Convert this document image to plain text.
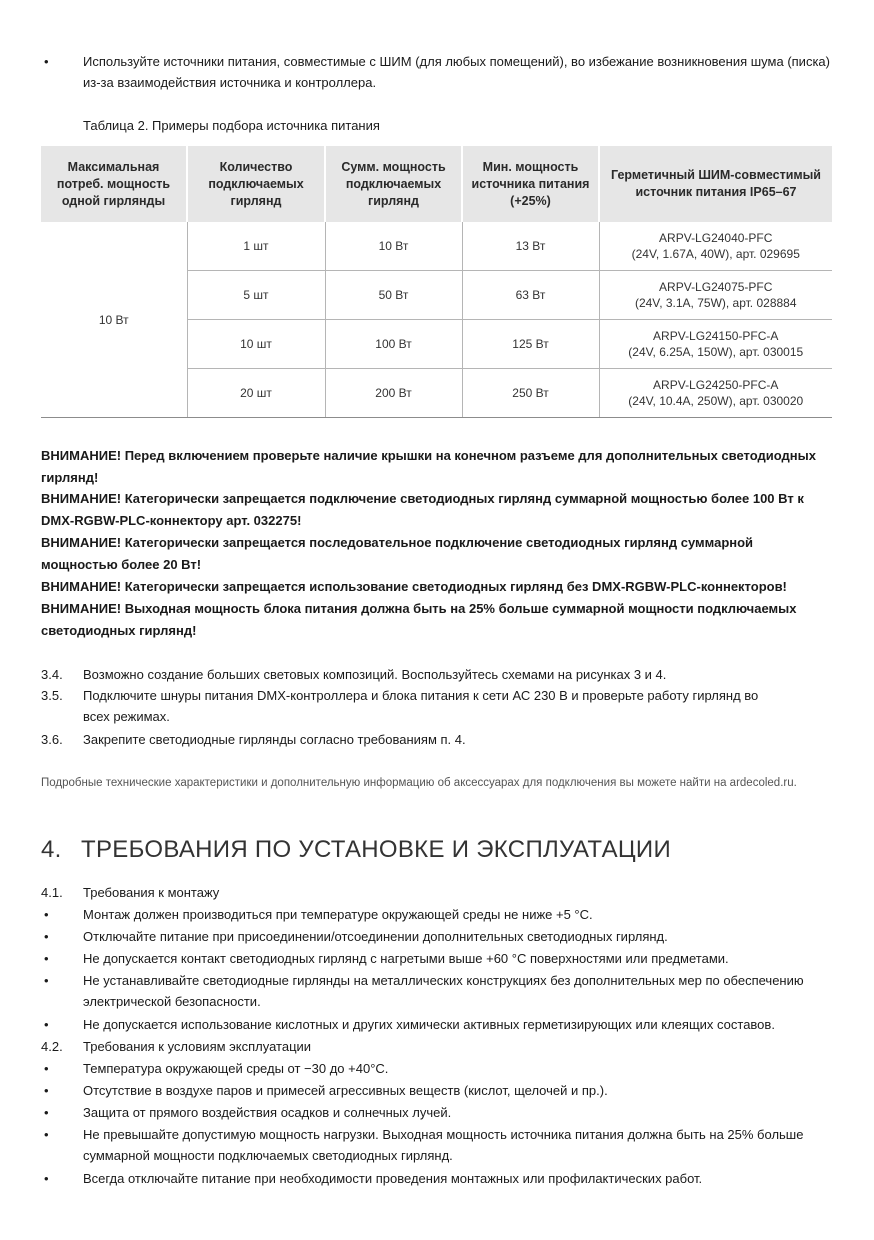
•	Используйте источники питания, совместимые с ШИМ (для любых помещений), во избежание возникновения шума (писка) из-за взаимодействия источника и контроллера.
Таблица 2. Примеры подбора источника питания
Максимальная потреб. мощность одной гирлянды	Количество подключаемых гирлянд	Сумм. мощность подключаемых гирлянд	Мин. мощность источника питания (+25%)	Герметичный ШИМ-совместимый источник питания IP65–67
10 Вт	1 шт	10 Вт	13 Вт	ARPV-LG24040-PFC
(24V, 1.67A, 40W), арт. 029695

	5 шт	50 Вт	63 Вт	ARPV-LG24075-PFC
(24V, 3.1A, 75W), арт. 028884

	10 шт	100 Вт	125 Вт	ARPV-LG24150-PFC-A
(24V, 6.25A, 150W), арт. 030015

	20 шт	200 Вт	250 Вт	ARPV-LG24250-PFC-A
(24V, 10.4A, 250W), арт. 030020
ВНИМАНИЕ! Перед включением проверьте наличие крышки на конечном разъеме для дополнительных светодиодных гирлянд!
ВНИМАНИЕ! Категорически запрещается подключение светодиодных гирлянд суммарной мощностью более 100 Вт к DMX-RGBW-PLC-коннектору арт. 032275!
ВНИМАНИЕ! Категорически запрещается последовательное подключение светодиодных гирлянд суммарной мощностью более 20 Вт!
ВНИМАНИЕ! Категорически запрещается использование светодиодных гирлянд без DMX-RGBW-PLC-коннекторов!
ВНИМАНИЕ! Выходная мощность блока питания должна быть на 25% больше суммарной мощности подключаемых светодиодных гирлянд!
3.4. Возможно создание больших световых композиций. Воспользуйтесь схемами на рисунках 3 и 4.
3.5. Подключите шнуры питания DMX-контроллера и блока питания к сети АС 230 В и проверьте работу гирлянд во всех режимах.
3.6. Закрепите светодиодные гирлянды согласно требованиям п. 4.
Подробные технические характеристики и дополнительную информацию об аксессуарах для подключения вы можете найти на ardecoled.ru.
4. ТРЕБОВАНИЯ ПО УСТАНОВКЕ И ЭКСПЛУАТАЦИИ
4.1. Требования к монтажу
•	Монтаж должен производиться при температуре окружающей среды не ниже +5 °С.
•	Отключайте питание при присоединении/отсоединении дополнительных светодиодных гирлянд.
•	Не допускается контакт светодиодных гирлянд с нагретыми выше +60 °С поверхностями или предметами.
•	Не устанавливайте светодиодные гирлянды на металлических конструкциях без дополнительных мер по обеспечению электрической безопасности.
•	Не допускается использование кислотных и других химически активных герметизирующих или клеящих составов.
4.2. Требования к условиям эксплуатации
•	Температура окружающей среды от −30 до +40°С.
•	Отсутствие в воздухе паров и примесей агрессивных веществ (кислот, щелочей и пр.).
•	Защита от прямого воздействия осадков и солнечных лучей.
•	Не превышайте допустимую мощность нагрузки. Выходная мощность источника питания должна быть на 25% больше суммарной мощности подключаемых светодиодных гирлянд.
•	Всегда отключайте питание при необходимости проведения монтажных или профилактических работ.
